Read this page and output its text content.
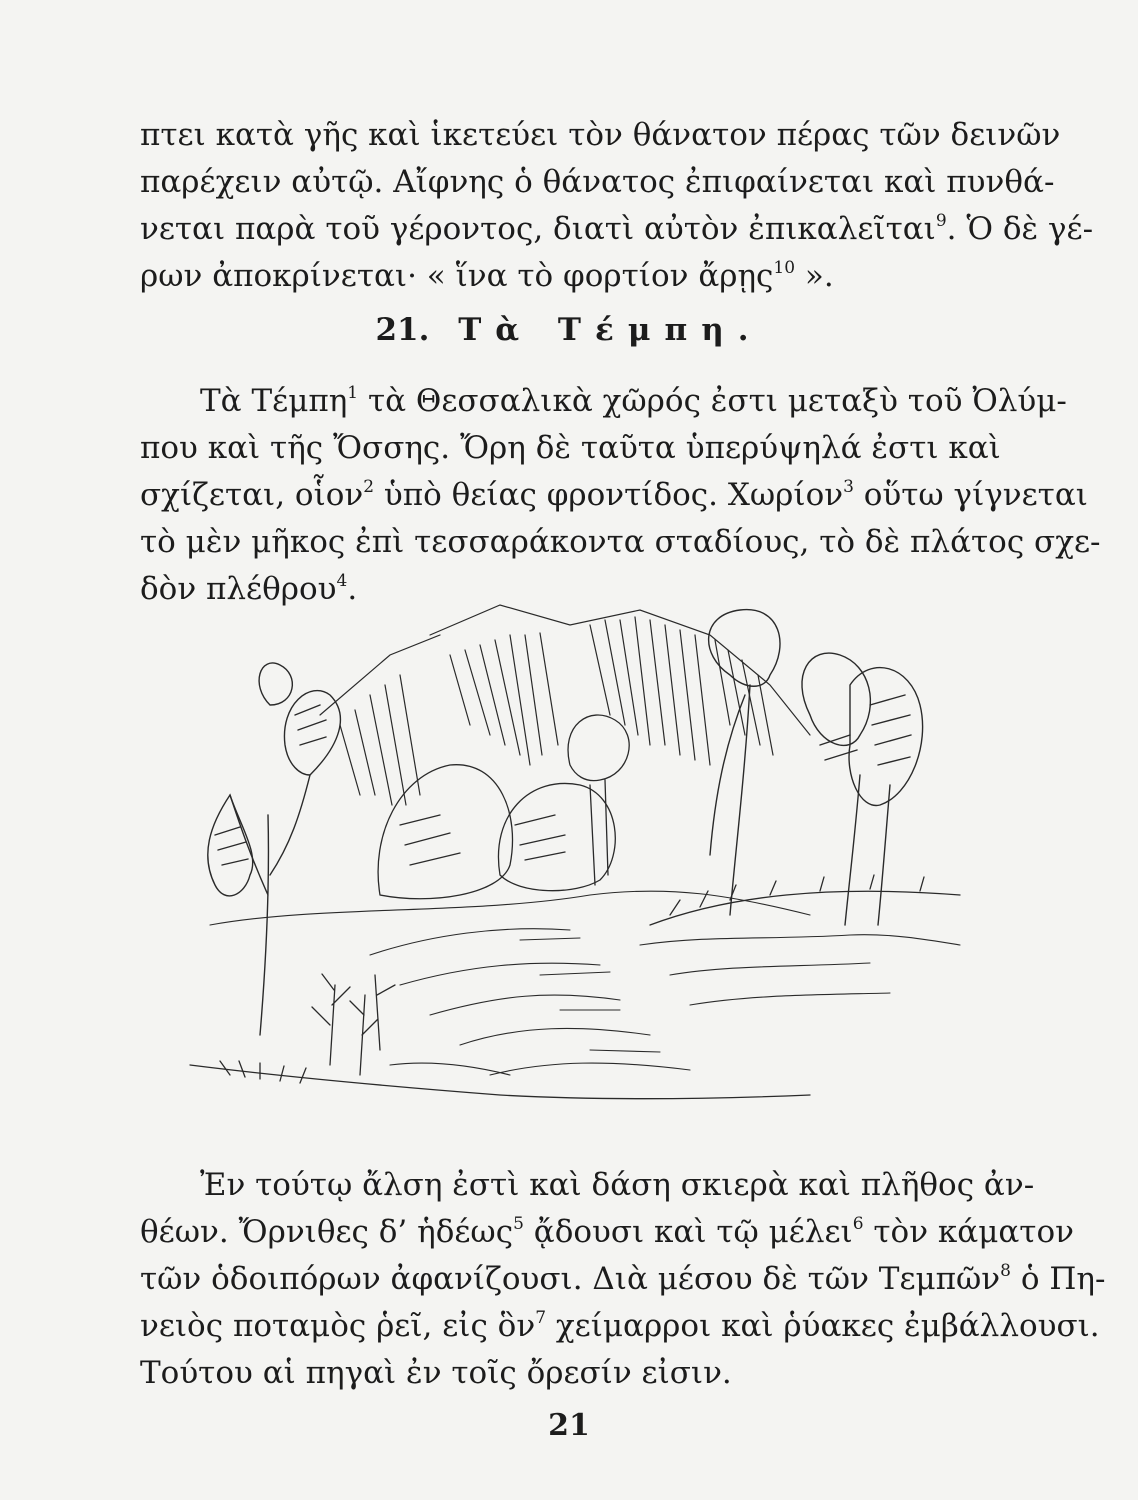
πτει κατὰ γῆς καὶ ἱκετεύει τὸν θάνατον πέρας τῶν δεινῶν
παρέχειν αὐτῷ. Αἴφνης ὁ θάνατος ἐπιφαίνεται καὶ πυνθά-
νεται παρὰ τοῦ γέροντος, διατὶ αὐτὸν ἐπικαλεῖται$^9$. Ὁ δὲ γέ-
ρων ἀποκρίνεται· « ἵνα τὸ φορτίον ἄρῃς$^{10}$ ».
21. Τὰ Τέμπη.
Τὰ Τέμπη$^1$ τὰ Θεσσαλικὰ χῶρός ἐστι μεταξὺ τοῦ Ὀλύμ-
που καὶ τῆς Ὄσσης. Ὄρη δὲ ταῦτα ὑπερύψηλά ἐστι καὶ
σχίζεται, οἷον$^2$ ὑπὸ θείας φροντίδος. Χωρίον$^3$ οὕτω γίγνεται
τὸ μὲν μῆκος ἐπὶ τεσσαράκοντα σταδίους, τὸ δὲ πλάτος σχε-
δὸν πλέθρου$^4$.
Ἐν τούτῳ ἄλση ἐστὶ καὶ δάση σκιερὰ καὶ πλῆθος ἀν-
θέων. Ὄρνιθες δ’ ἡδέως$^5$ ᾄδουσι καὶ τῷ μέλει$^6$ τὸν κάματον
τῶν ὁδοιπόρων ἀφανίζουσι. Διὰ μέσου δὲ τῶν Τεμπῶν$^8$ ὁ Πη-
νειὸς ποταμὸς ῥεῖ, εἰς ὃν$^7$ χείμαρροι καὶ ῥύακες ἐμβάλλουσι.
Τούτου αἱ πηγαὶ ἐν τοῖς ὄρεσίν εἰσιν.
21
